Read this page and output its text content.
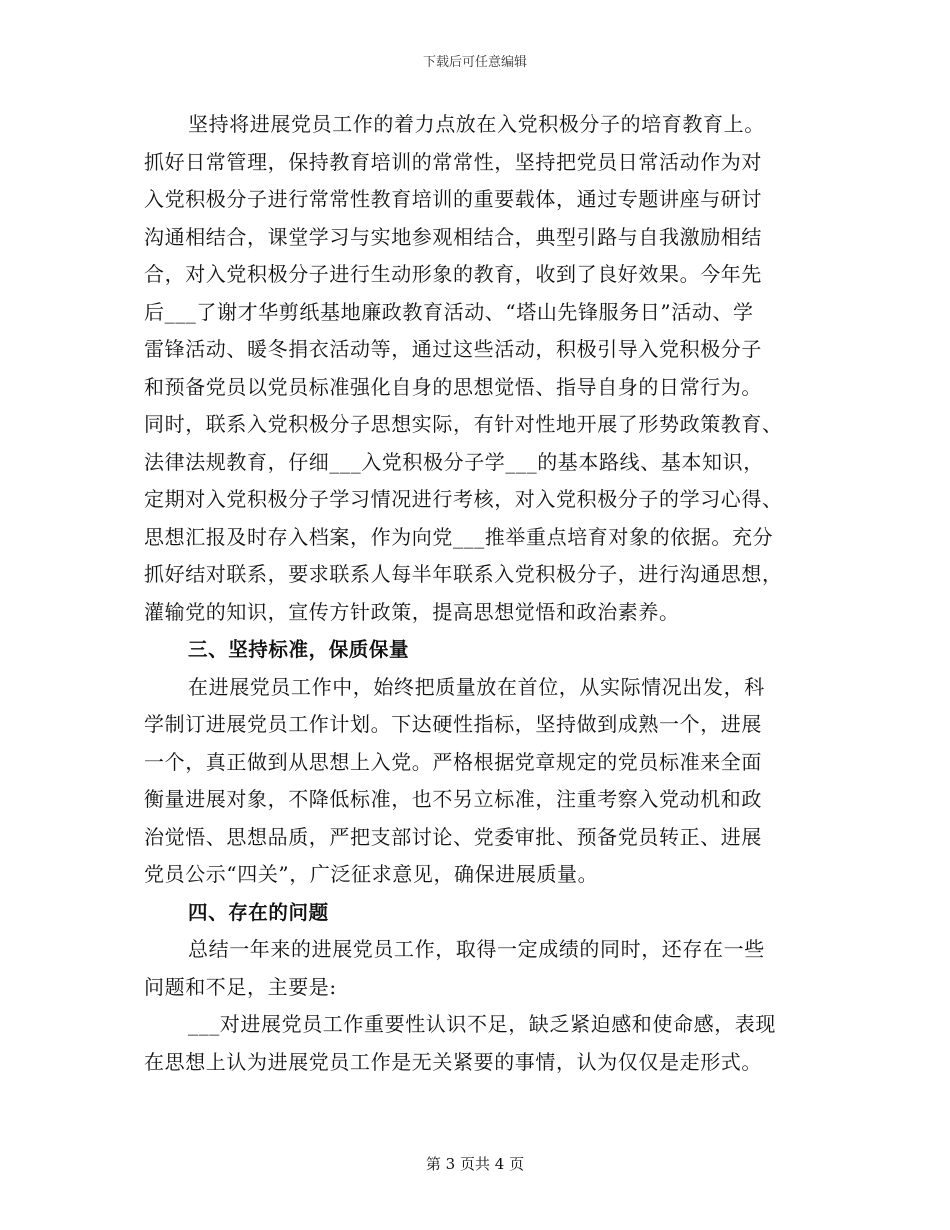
下载后可任意编辑
坚持将进展党员工作的着力点放在入党积极分子的培育教育上。
抓好日常管理，保持教育培训的常常性，坚持把党员日常活动作为对
入党积极分子进行常常性教育培训的重要载体，通过专题讲座与研讨
沟通相结合，课堂学习与实地参观相结合，典型引路与自我激励相结
合，对入党积极分子进行生动形象的教育，收到了良好效果。今年先
后___了谢才华剪纸基地廉政教育活动、“塔山先锋服务日”活动、学
雷锋活动、暖冬捐衣活动等，通过这些活动，积极引导入党积极分子
和预备党员以党员标准强化自身的思想觉悟、指导自身的日常行为。
同时，联系入党积极分子思想实际，有针对性地开展了形势政策教育、
法律法规教育，仔细___入党积极分子学___的基本路线、基本知识，
定期对入党积极分子学习情况进行考核，对入党积极分子的学习心得、
思想汇报及时存入档案，作为向党___推举重点培育对象的依据。充分
抓好结对联系，要求联系人每半年联系入党积极分子，进行沟通思想，
灌输党的知识，宣传方针政策，提高思想觉悟和政治素养。
三、坚持标准，保质保量
在进展党员工作中，始终把质量放在首位，从实际情况出发，科
学制订进展党员工作计划。下达硬性指标，坚持做到成熟一个，进展
一个，真正做到从思想上入党。严格根据党章规定的党员标准来全面
衡量进展对象，不降低标准，也不另立标准，注重考察入党动机和政
治觉悟、思想品质，严把支部讨论、党委审批、预备党员转正、进展
党员公示“四关”，广泛征求意见，确保进展质量。
四、存在的问题
总结一年来的进展党员工作，取得一定成绩的同时，还存在一些
问题和不足，主要是:
___对进展党员工作重要性认识不足，缺乏紧迫感和使命感，表现
在思想上认为进展党员工作是无关紧要的事情，认为仅仅是走形式。
第 3 页共 4 页
